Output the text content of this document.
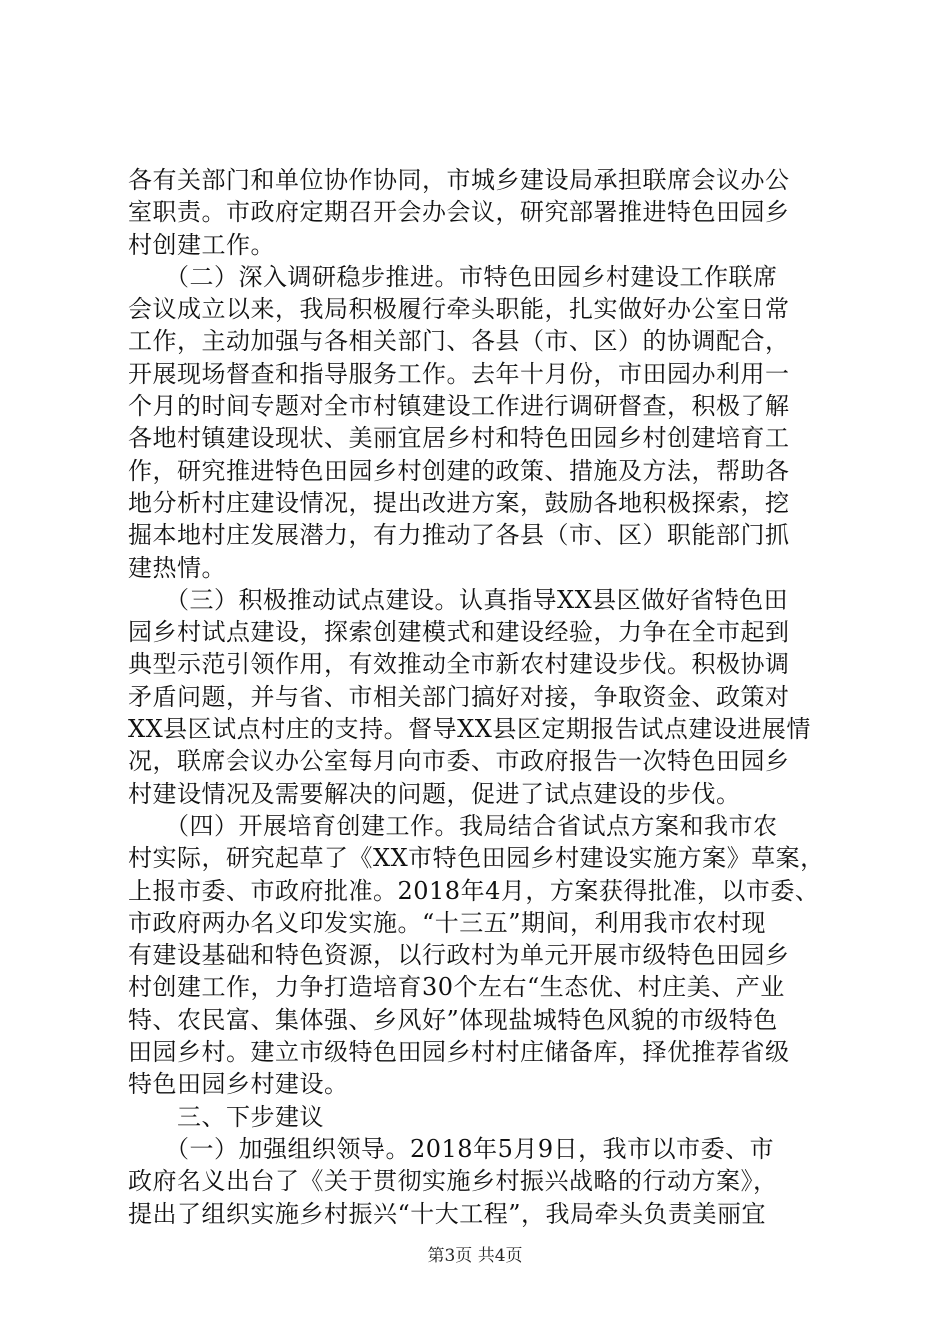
各有关部门和单位协作协同，市城乡建设局承担联席会议办公
室职责。市政府定期召开会办会议，研究部署推进特色田园乡
村创建工作。
　　（二）深入调研稳步推进。市特色田园乡村建设工作联席
会议成立以来，我局积极履行牵头职能，扎实做好办公室日常
工作，主动加强与各相关部门、各县（市、区）的协调配合，
开展现场督查和指导服务工作。去年十月份，市田园办利用一
个月的时间专题对全市村镇建设工作进行调研督查，积极了解
各地村镇建设现状、美丽宜居乡村和特色田园乡村创建培育工
作，研究推进特色田园乡村创建的政策、措施及方法，帮助各
地分析村庄建设情况，提出改进方案，鼓励各地积极探索，挖
掘本地村庄发展潜力，有力推动了各县（市、区）职能部门抓
建热情。
　　（三）积极推动试点建设。认真指导XX县区做好省特色田
园乡村试点建设，探索创建模式和建设经验，力争在全市起到
典型示范引领作用，有效推动全市新农村建设步伐。积极协调
矛盾问题，并与省、市相关部门搞好对接，争取资金、政策对
XX县区试点村庄的支持。督导XX县区定期报告试点建设进展情
况，联席会议办公室每月向市委、市政府报告一次特色田园乡
村建设情况及需要解决的问题，促进了试点建设的步伐。
　　（四）开展培育创建工作。我局结合省试点方案和我市农
村实际，研究起草了《XX市特色田园乡村建设实施方案》草案，
上报市委、市政府批准。2018年4月，方案获得批准，以市委、
市政府两办名义印发实施。“十三五”期间，利用我市农村现
有建设基础和特色资源，以行政村为单元开展市级特色田园乡
村创建工作，力争打造培育30个左右“生态优、村庄美、产业
特、农民富、集体强、乡风好”体现盐城特色风貌的市级特色
田园乡村。建立市级特色田园乡村村庄储备库，择优推荐省级
特色田园乡村建设。
　　三、下步建议
　　（一）加强组织领导。2018年5月9日，我市以市委、市
政府名义出台了《关于贯彻实施乡村振兴战略的行动方案》，
提出了组织实施乡村振兴“十大工程”，我局牵头负责美丽宜
第3页 共4页
